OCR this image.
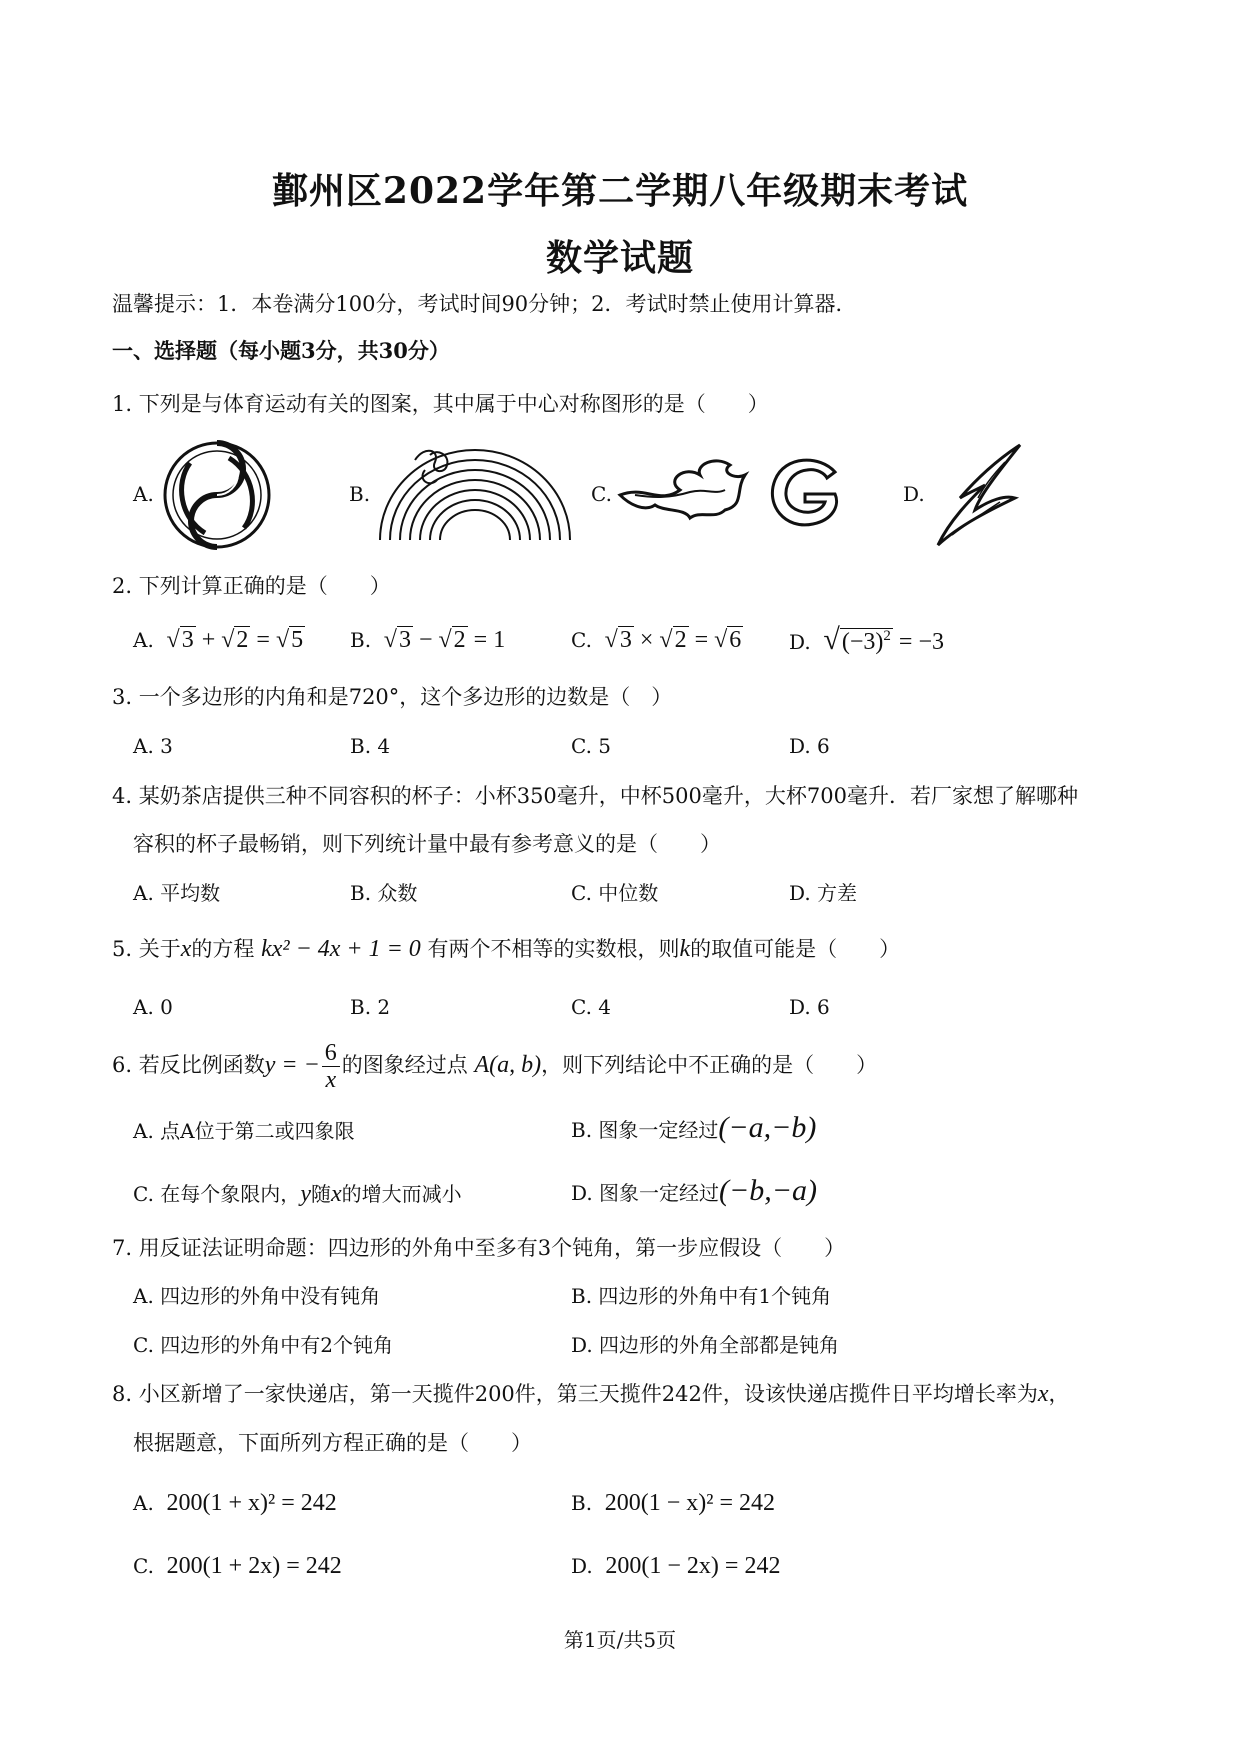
鄞州区2022学年第二学期八年级期末考试
数学试题
温馨提示：1．本卷满分100分，考试时间90分钟；2．考试时禁止使用计算器．
一、选择题（每小题3分，共30分）
1. 下列是与体育运动有关的图案，其中属于中心对称图形的是（　　）
A.	B.	C.	D.
2. 下列计算正确的是（　　）
A. √3 + √2 = √5 B. √3 − √2 = 1	C. √3 × √2 = √6 D. $√(-3)^2 = -3$
3. 一个多边形的内角和是720°，这个多边形的边数是（　）
A. 3	B. 4	C. 5	D. 6
4. 某奶茶店提供三种不同容积的杯子：小杯350毫升，中杯500毫升，大杯700毫升．若厂家想了解哪种
容积的杯子最畅销，则下列统计量中最有参考意义的是（　　）
A. 平均数	B. 众数	C. 中位数	D. 方差
5. 关于x的方程 kx² − 4x + 1 = 0 有两个不相等的实数根，则k的取值可能是（　　）
A. 0	B. 2	C. 4	D. 6
6. 若反比例函数y = − $\frac{6}{x}$ 的图象经过点 A(a, b)，则下列结论中不正确的是（　　）
A. 点A位于第二或四象限	B. 图象一定经过(−a,−b)
C. 在每个象限内，y随x的增大而减小	D. 图象一定经过(−b,−a)
7. 用反证法证明命题：四边形的外角中至多有3个钝角，第一步应假设（　　）
A. 四边形的外角中没有钝角	B. 四边形的外角中有1个钝角
C. 四边形的外角中有2个钝角	D. 四边形的外角全部都是钝角
8. 小区新增了一家快递店，第一天揽件200件，第三天揽件242件，设该快递店揽件日平均增长率为x，
根据题意，下面所列方程正确的是（　　）
A. 200(1 + x)² = 242	B. 200(1 − x)² = 242
C. 200(1 + 2x) = 242	D. 200(1 − 2x) = 242
第1页/共5页
